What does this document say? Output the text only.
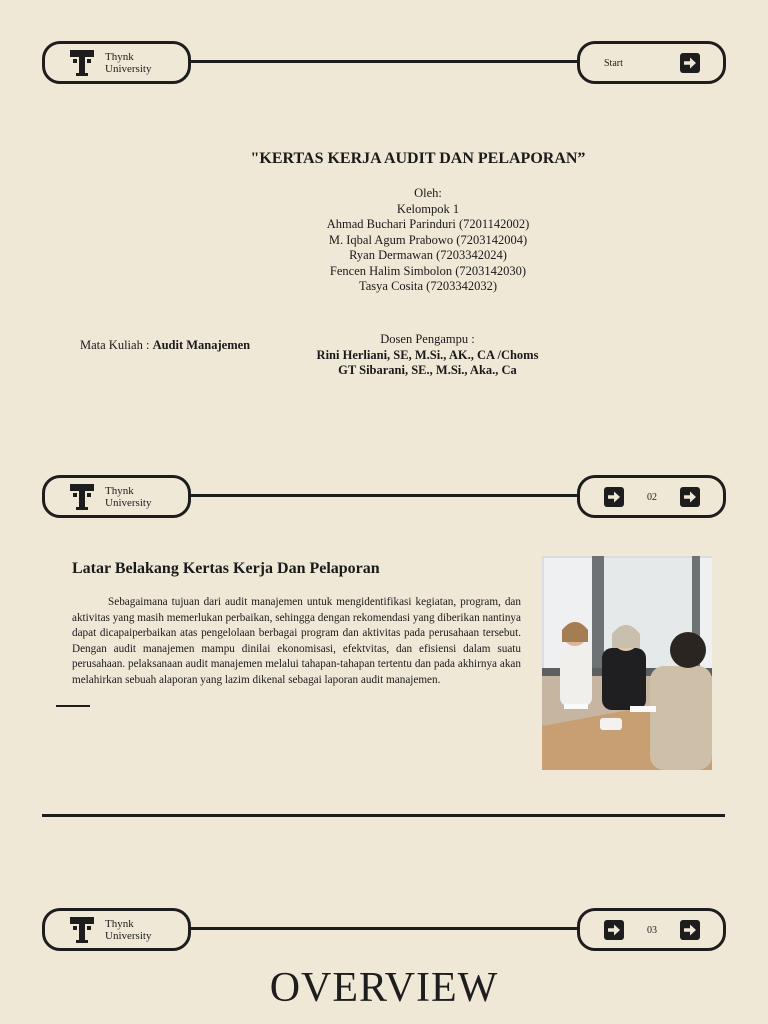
Thynk
University	Start
"KERTAS KERJA AUDIT DAN PELAPORAN”
Oleh:
Kelompok 1
Ahmad Buchari Parinduri (7201142002)
M. Iqbal Agum Prabowo (7203142004)
Ryan Dermawan (7203342024)
Fencen Halim Simbolon (7203142030)
Tasya Cosita (7203342032)
Mata Kuliah : Audit Manajemen	Dosen Pengampu :
Rini Herliani, SE, M.Si., AK., CA /Choms
GT Sibarani, SE., M.Si., Aka., Ca
Thynk
University	02
Latar Belakang Kertas Kerja Dan Pelaporan
Sebagaimana tujuan dari audit manajemen untuk mengidentifikasi kegiatan, program, dan aktivitas yang masih memerlukan perbaikan, sehingga dengan rekomendasi yang diberikan nantinya dapat dicapaiperbaikan atas pengelolaan berbagai program dan aktivitas pada perusahaan tersebut. Dengan audit manajemen mampu dinilai ekonomisasi, efektvitas, dan efisiensi dalam suatu perusahaan. pelaksanaan audit manajemen melalui tahapan-tahapan tertentu dan pada akhirnya akan melahirkan sebuah alaporan yang lazim dikenal sebagai laporan audit manajemen.
Thynk
University	03
OVERVIEW
